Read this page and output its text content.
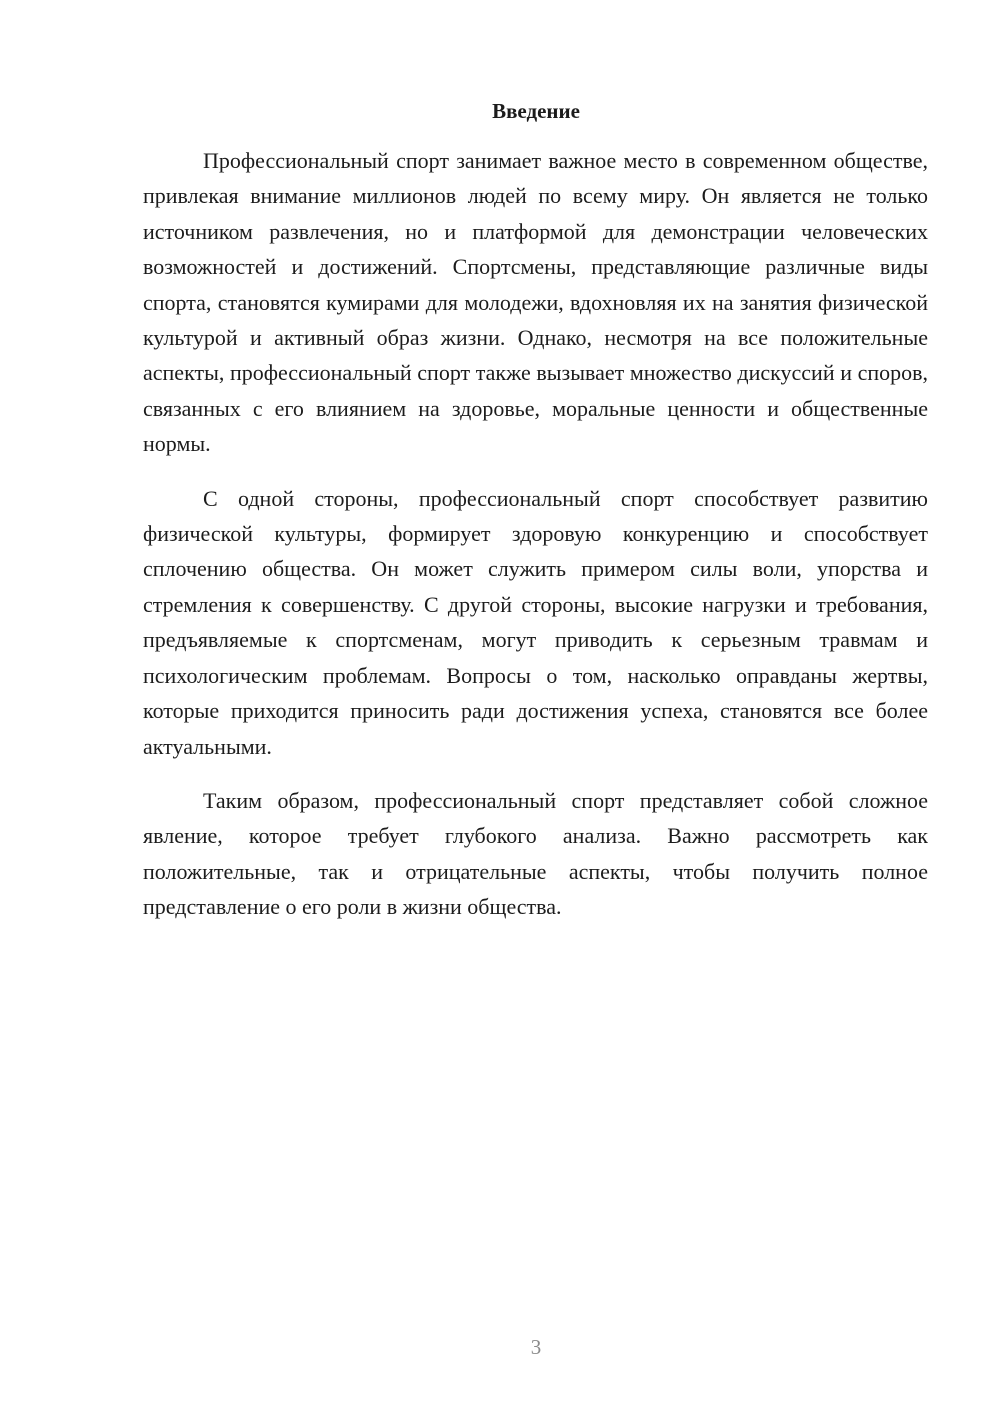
Введение

Профессиональный спорт занимает важное место в современном обществе, привлекая внимание миллионов людей по всему миру. Он является не только источником развлечения, но и платформой для демонстрации человеческих возможностей и достижений. Спортсмены, представляющие различные виды спорта, становятся кумирами для молодежи, вдохновляя их на занятия физической культурой и активный образ жизни. Однако, несмотря на все положительные аспекты, профессиональный спорт также вызывает множество дискуссий и споров, связанных с его влиянием на здоровье, моральные ценности и общественные нормы.

С одной стороны, профессиональный спорт способствует развитию физической культуры, формирует здоровую конкуренцию и способствует сплочению общества. Он может служить примером силы воли, упорства и стремления к совершенству. С другой стороны, высокие нагрузки и требования, предъявляемые к спортсменам, могут приводить к серьезным травмам и психологическим проблемам. Вопросы о том, насколько оправданы жертвы, которые приходится приносить ради достижения успеха, становятся все более актуальными.

Таким образом, профессиональный спорт представляет собой сложное явление, которое требует глубокого анализа. Важно рассмотреть как положительные, так и отрицательные аспекты, чтобы получить полное представление о его роли в жизни общества.

3
